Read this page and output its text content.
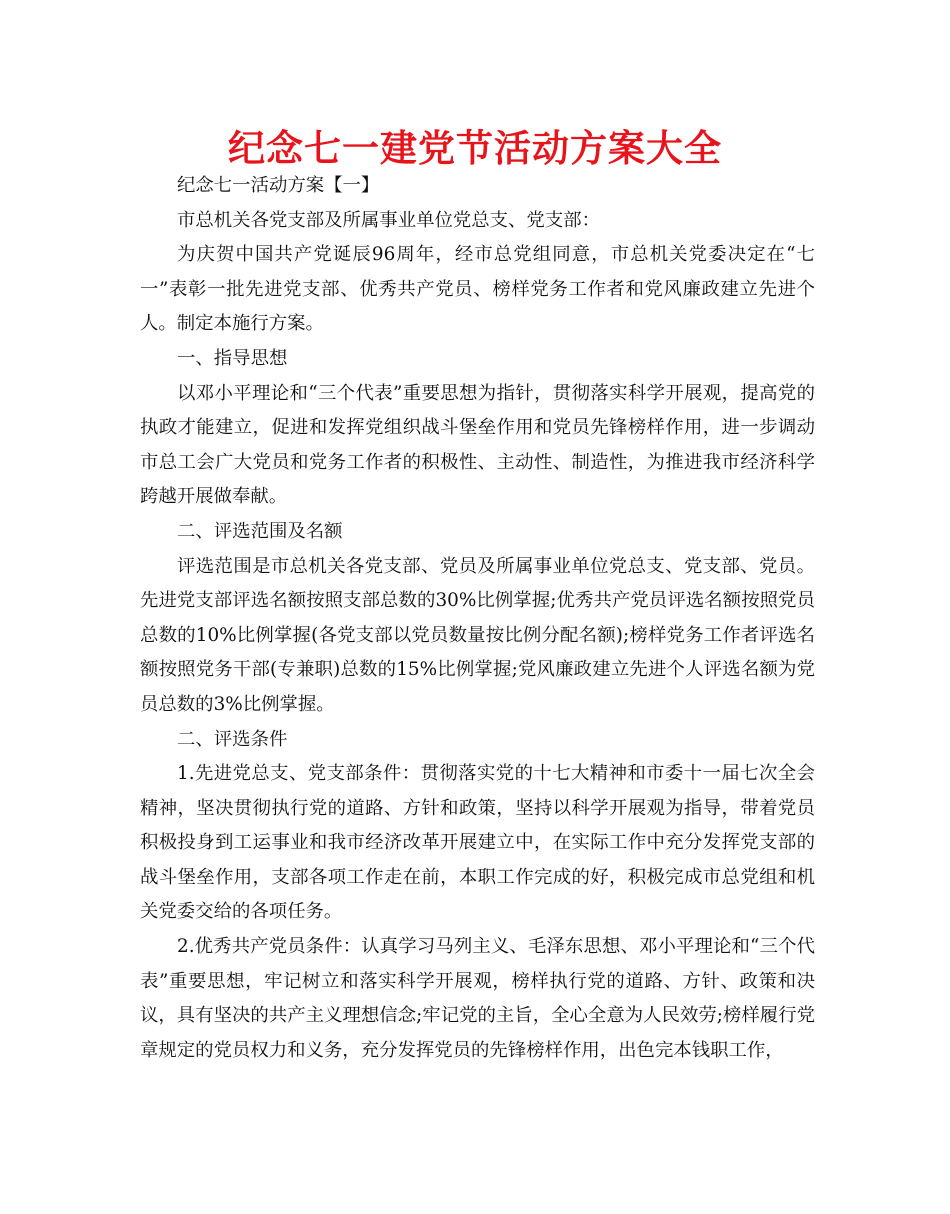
纪念七一建党节活动方案大全

纪念七一活动方案【一】

市总机关各党支部及所属事业单位党总支、党支部：

为庆贺中国共产党诞辰96周年，经市总党组同意，市总机关党委决定在“七一”表彰一批先进党支部、优秀共产党员、榜样党务工作者和党风廉政建立先进个人。制定本施行方案。

一、指导思想

以邓小平理论和“三个代表”重要思想为指针，贯彻落实科学开展观，提高党的执政才能建立，促进和发挥党组织战斗堡垒作用和党员先锋榜样作用，进一步调动市总工会广大党员和党务工作者的积极性、主动性、制造性，为推进我市经济科学跨越开展做奉献。

二、评选范围及名额

评选范围是市总机关各党支部、党员及所属事业单位党总支、党支部、党员。先进党支部评选名额按照支部总数的30%比例掌握;优秀共产党员评选名额按照党员总数的10%比例掌握(各党支部以党员数量按比例分配名额);榜样党务工作者评选名额按照党务干部(专兼职)总数的15%比例掌握;党风廉政建立先进个人评选名额为党员总数的3%比例掌握。

二、评选条件

1.先进党总支、党支部条件：贯彻落实党的十七大精神和市委十一届七次全会精神，坚决贯彻执行党的道路、方针和政策，坚持以科学开展观为指导，带着党员积极投身到工运事业和我市经济改革开展建立中，在实际工作中充分发挥党支部的战斗堡垒作用，支部各项工作走在前，本职工作完成的好，积极完成市总党组和机关党委交给的各项任务。

2.优秀共产党员条件：认真学习马列主义、毛泽东思想、邓小平理论和“三个代表”重要思想，牢记树立和落实科学开展观，榜样执行党的道路、方针、政策和决议，具有坚决的共产主义理想信念;牢记党的主旨，全心全意为人民效劳;榜样履行党章规定的党员权力和义务，充分发挥党员的先锋榜样作用，出色完本钱职工作，
